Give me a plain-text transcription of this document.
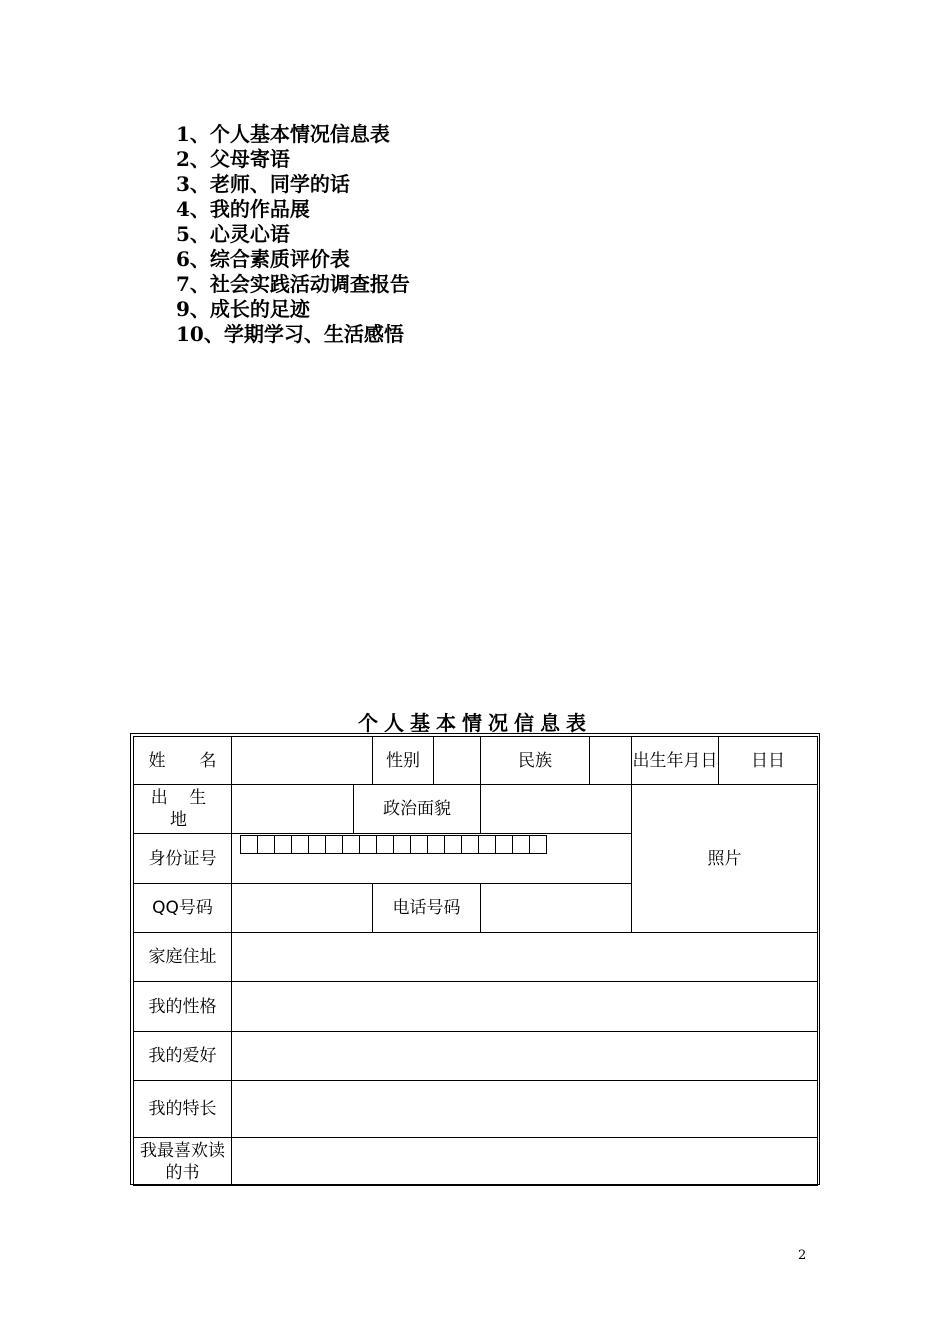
1、个人基本情况信息表
2、父母寄语
3、老师、同学的话
4、我的作品展
5、心灵心语
6、综合素质评价表
7、社会实践活动调查报告
9、成长的足迹
10、学期学习、生活感悟
个人基本情况信息表
姓　　名			性别		民族		出生年月日	日日
出 生 地		政治面貌					照片	
身份证号								

QQ号码			电话号码					
家庭住址								
我的性格								
我的爱好								
我的特长								
我最喜欢读的书								
2
